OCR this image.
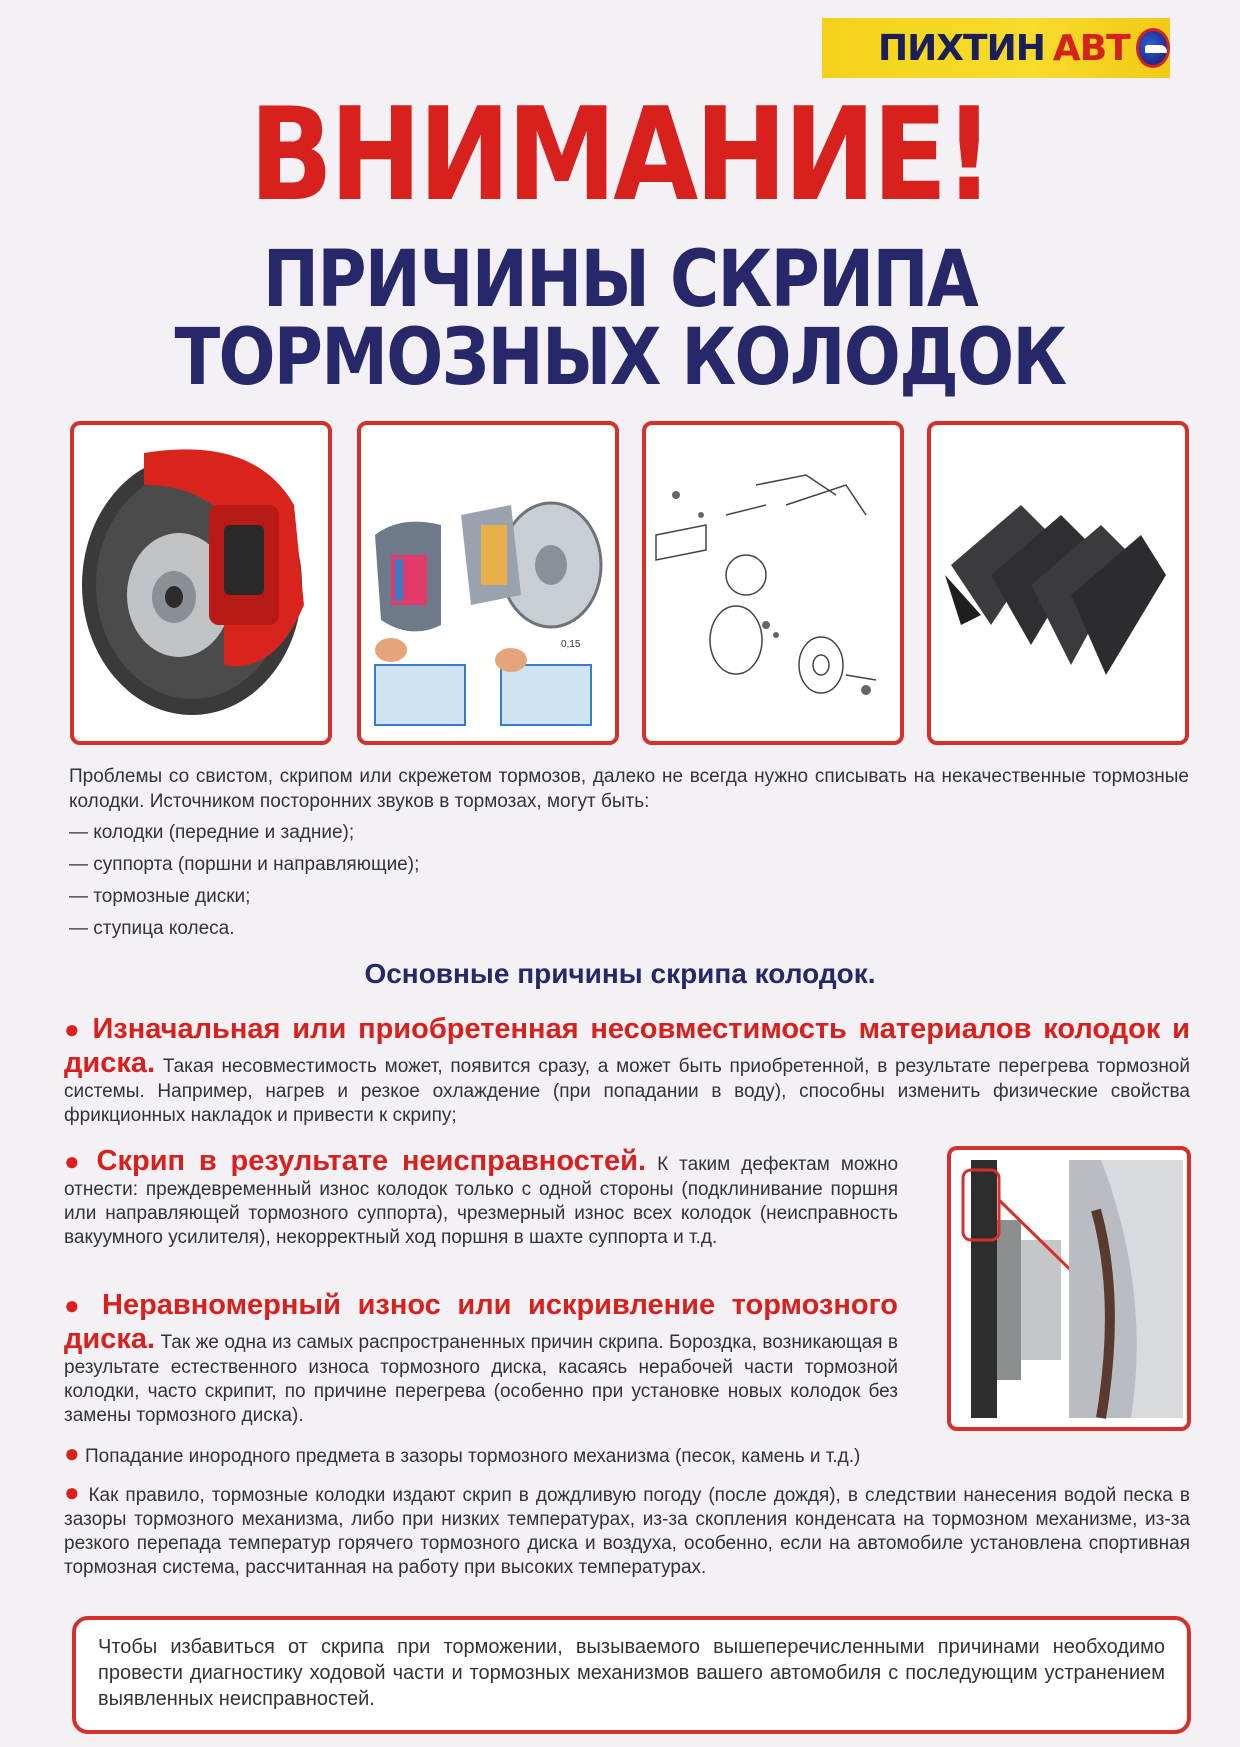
ПИХТИН АВТ
ВНИМАНИЕ!
ПРИЧИНЫ СКРИПА
ТОРМОЗНЫХ КОЛОДОК
0,15
Проблемы со свистом, скрипом или скрежетом тормозов, далеко не всегда нужно списывать на некачественные тормозные колодки. Источником посторонних звуков в тормозах, могут быть:
— колодки (передние и задние);
— суппорта (поршни и направляющие);
— тормозные диски;
— ступица колеса.
Основные причины скрипа колодок.
● Изначальная или приобретенная несовместимость материалов колодок и диска. Такая несовместимость может, появится сразу, а может быть приобретенной, в результате перегрева тормозной системы. Например, нагрев и резкое охлаждение (при попадании в воду), способны изменить физические свойства фрикционных накладок и привести к скрипу;
● Скрип в результате неисправностей. К таким дефектам можно отнести: преждевременный износ колодок только с одной стороны (подклинивание поршня или направляющей тормозного суппорта), чрезмерный износ всех колодок (неисправность вакуумного усилителя), некорректный ход поршня в шахте суппорта и т.д.
● Неравномерный износ или искривление тормозного диска. Так же одна из самых распространенных причин скрипа. Бороздка, возникающая в результате естественного износа тормозного диска, касаясь нерабочей части тормозной колодки, часто скрипит, по причине перегрева (особенно при установке новых колодок без замены тормозного диска).
● Попадание инородного предмета в зазоры тормозного механизма (песок, камень и т.д.)
● Как правило, тормозные колодки издают скрип в дождливую погоду (после дождя), в следствии нанесения водой песка в зазоры тормозного механизма, либо при низких температурах, из-за скопления конденсата на тормозном механизме, из-за резкого перепада температур горячего тормозного диска и воздуха, особенно, если на автомобиле установлена спортивная тормозная система, рассчитанная на работу при высоких температурах.
Чтобы избавиться от скрипа при торможении, вызываемого вышеперечисленными причинами необходимо провести диагностику ходовой части и тормозных механизмов вашего автомобиля с последующим устранением выявленных неисправностей.
